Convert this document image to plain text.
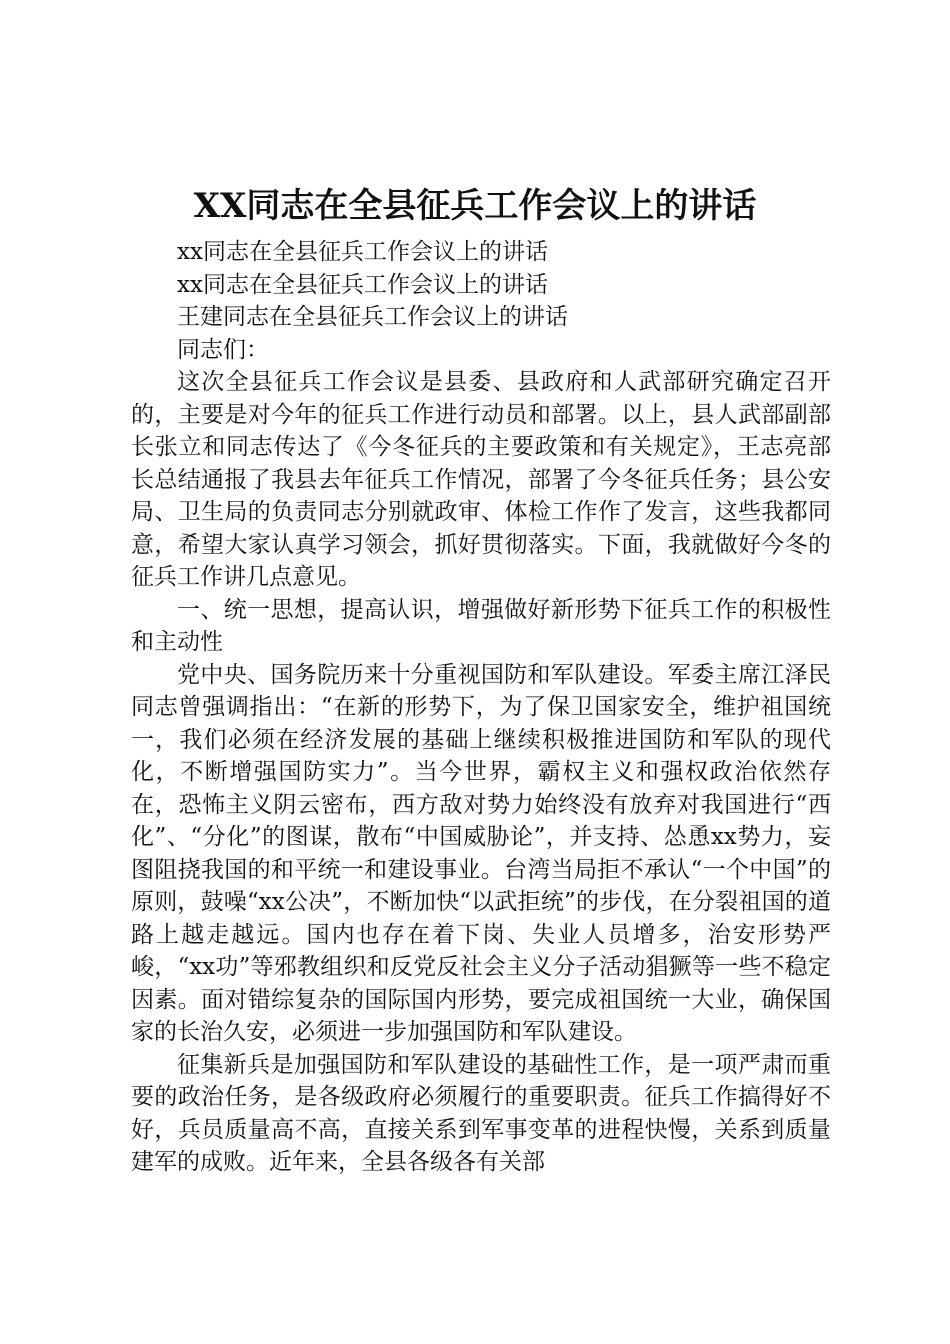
XX同志在全县征兵工作会议上的讲话

xx同志在全县征兵工作会议上的讲话

xx同志在全县征兵工作会议上的讲话

王建同志在全县征兵工作会议上的讲话

同志们：

这次全县征兵工作会议是县委、县政府和人武部研究确定召开的，主要是对今年的征兵工作进行动员和部署。以上，县人武部副部长张立和同志传达了《今冬征兵的主要政策和有关规定》，王志亮部长总结通报了我县去年征兵工作情况，部署了今冬征兵任务；县公安局、卫生局的负责同志分别就政审、体检工作作了发言，这些我都同意，希望大家认真学习领会，抓好贯彻落实。下面，我就做好今冬的征兵工作讲几点意见。

一、统一思想，提高认识，增强做好新形势下征兵工作的积极性和主动性

党中央、国务院历来十分重视国防和军队建设。军委主席江泽民同志曾强调指出：“在新的形势下，为了保卫国家安全，维护祖国统一，我们必须在经济发展的基础上继续积极推进国防和军队的现代化，不断增强国防实力”。当今世界，霸权主义和强权政治依然存在，恐怖主义阴云密布，西方敌对势力始终没有放弃对我国进行“西化”、“分化”的图谋，散布“中国威胁论”，并支持、怂恿xx势力，妄图阻挠我国的和平统一和建设事业。台湾当局拒不承认“一个中国”的原则，鼓噪“xx公决”，不断加快“以武拒统”的步伐，在分裂祖国的道路上越走越远。国内也存在着下岗、失业人员增多，治安形势严峻，“xx功”等邪教组织和反党反社会主义分子活动猖獗等一些不稳定因素。面对错综复杂的国际国内形势，要完成祖国统一大业，确保国家的长治久安，必须进一步加强国防和军队建设。

征集新兵是加强国防和军队建设的基础性工作，是一项严肃而重要的政治任务，是各级政府必须履行的重要职责。征兵工作搞得好不好，兵员质量高不高，直接关系到军事变革的进程快慢，关系到质量建军的成败。近年来，全县各级各有关部
